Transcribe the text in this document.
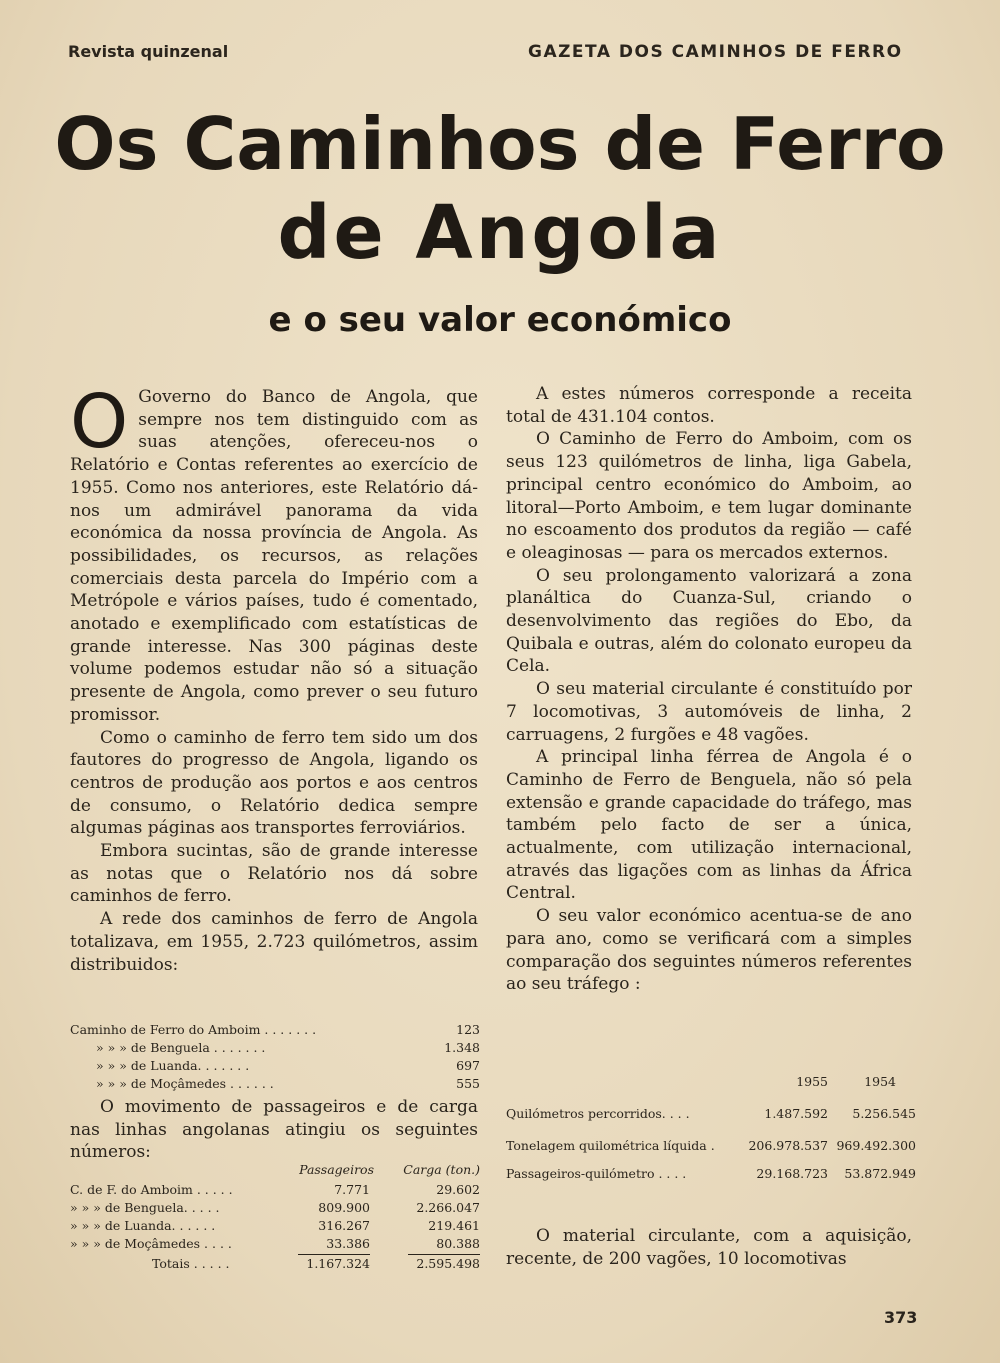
Revista quinzenal	GAZETA DOS CAMINHOS DE FERRO
Os Caminhos de Ferro
de Angola
e o seu valor económico

O Governo do Banco de Angola, que sempre nos tem distinguido com as suas atenções, ofereceu-nos o Relatório e Contas referentes ao exercício de 1955. Como nos anteriores, este Relatório dá-nos um admirável panorama da vida económica da nossa província de Angola. As possibilidades, os recursos, as relações comerciais desta parcela do Império com a Metrópole e vários países, tudo é comentado, anotado e exemplificado com estatísticas de grande interesse. Nas 300 páginas deste volume podemos estudar não só a situação presente de Angola, como prever o seu futuro promissor.

Como o caminho de ferro tem sido um dos fautores do progresso de Angola, ligando os centros de produção aos portos e aos centros de consumo, o Relatório dedica sempre algumas páginas aos transportes ferroviários.

Embora sucintas, são de grande interesse as notas que o Relatório nos dá sobre caminhos de ferro.

A rede dos caminhos de ferro de Angola totalizava, em 1955, 2.723 quilómetros, assim distribuidos:

Caminho de Ferro do Amboim . . . . . . .	123
» » » de Benguela . . . . . . .	1.348
» » » de Luanda. . . . . . .	697
» » » de Moçâmedes . . . . . .	555

O movimento de passageiros e de carga nas linhas angolanas atingiu os seguintes números:

Passageiros Carga (ton.)
C. de F. do Amboim . . . . .	7.771	29.602
» » » de Benguela. . . . .	809.900	2.266.047
» » » de Luanda. . . . . .	316.267	219.461
» » » de Moçâmedes . . . .	33.386	80.388
Totais . . . . .	1.167.324	2.595.498

A estes números corresponde a receita total de 431.104 contos.

O Caminho de Ferro do Amboim, com os seus 123 quilómetros de linha, liga Gabela, principal centro económico do Amboim, ao litoral—Porto Amboim, e tem lugar dominante no escoamento dos produtos da região — café e oleaginosas — para os mercados externos.

O seu prolongamento valorizará a zona planáltica do Cuanza-Sul, criando o desenvolvimento das regiões do Ebo, da Quibala e outras, além do colonato europeu da Cela.

O seu material circulante é constituído por 7 locomotivas, 3 automóveis de linha, 2 carruagens, 2 furgões e 48 vagões.

A principal linha férrea de Angola é o Caminho de Ferro de Benguela, não só pela extensão e grande capacidade do tráfego, mas também pelo facto de ser a única, actualmente, com utilização internacional, através das ligações com as linhas da África Central.

O seu valor económico acentua-se de ano para ano, como se verificará com a simples comparação dos seguintes números referentes ao seu tráfego :

1955	1954
Quilómetros percorridos. . . .	1.487.592 5.256.545
Tonelagem quilométrica líquida .	206.978.537 969.492.300
Passageiros-quilómetro . . . .	29.168.723 53.872.949

O material circulante, com a aquisição, recente, de 200 vagões, 10 locomotivas

373
